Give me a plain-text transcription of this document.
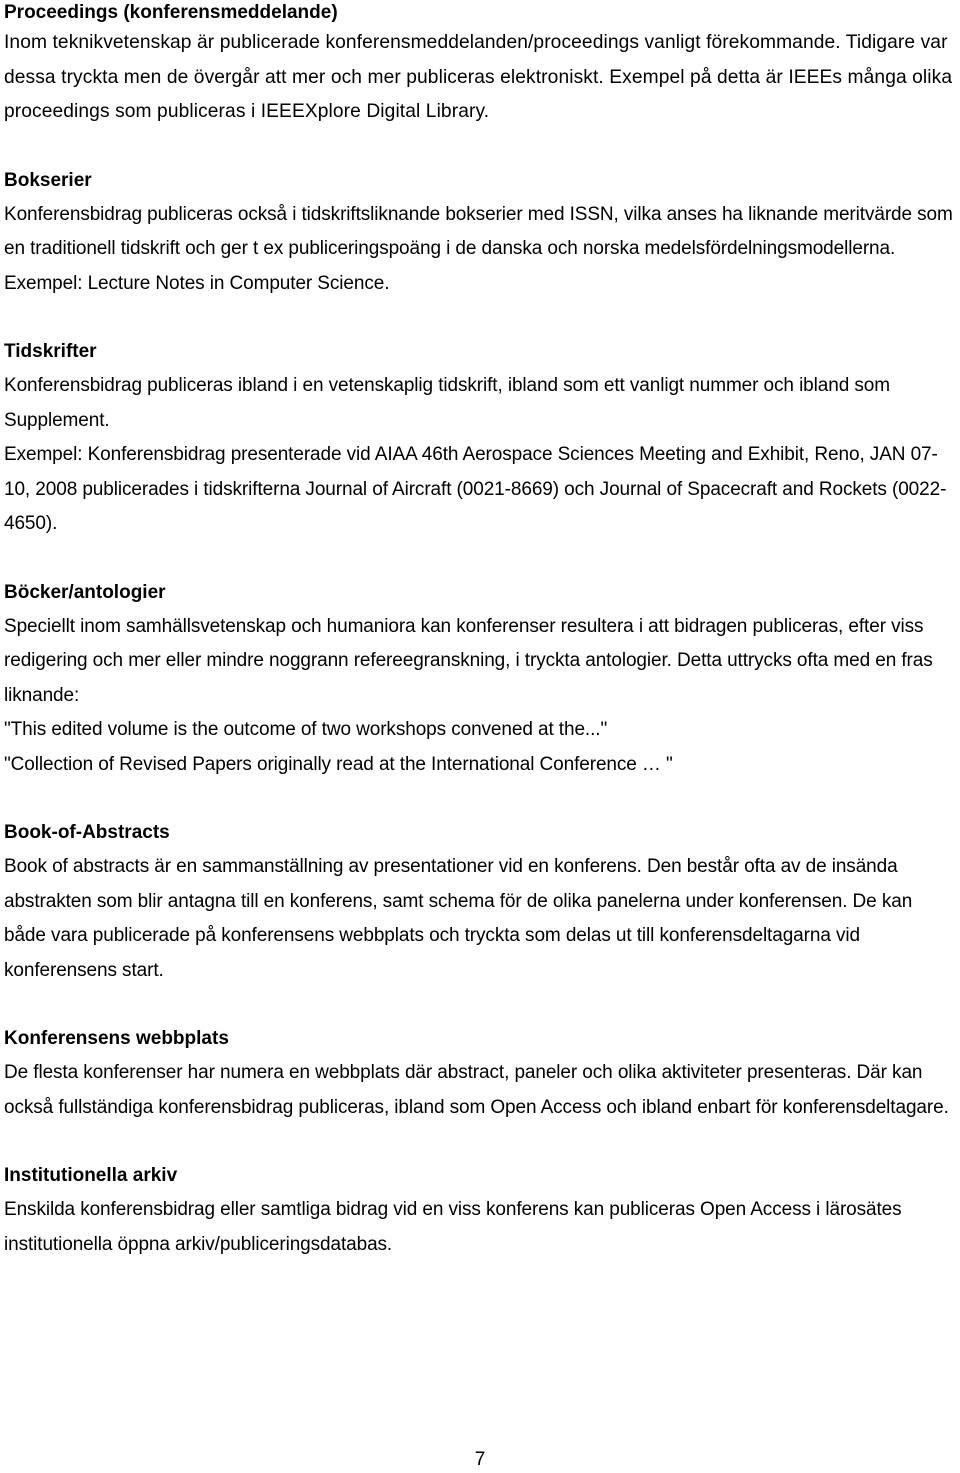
Proceedings (konferensmeddelande)

Inom teknikvetenskap är publicerade konferensmeddelanden/proceedings vanligt förekommande. Tidigare var dessa tryckta men de övergår att mer och mer publiceras elektroniskt. Exempel på detta är IEEEs många olika proceedings som publiceras i IEEEXplore Digital Library.

Bokserier

Konferensbidrag publiceras också i tidskriftsliknande bokserier med ISSN, vilka anses ha liknande meritvärde som en traditionell tidskrift och ger t ex publiceringspoäng i de danska och norska medelsfördelningsmodellerna.

Exempel: Lecture Notes in Computer Science.

Tidskrifter

Konferensbidrag publiceras ibland i en vetenskaplig tidskrift, ibland som ett vanligt nummer och ibland som Supplement.

Exempel: Konferensbidrag presenterade vid AIAA 46th Aerospace Sciences Meeting and Exhibit, Reno, JAN 07-10, 2008 publicerades i tidskrifterna Journal of Aircraft (0021-8669) och Journal of Spacecraft and Rockets (0022-4650).

Böcker/antologier

Speciellt inom samhällsvetenskap och humaniora kan konferenser resultera i att bidragen publiceras, efter viss redigering och mer eller mindre noggrann refereegranskning, i tryckta antologier. Detta uttrycks ofta med en fras liknande:

"This edited volume is the outcome of two workshops convened at the..."

"Collection of Revised Papers originally read at the International Conference … "

Book-of-Abstracts

Book of abstracts är en sammanställning av presentationer vid en konferens. Den består ofta av de insända abstrakten som blir antagna till en konferens, samt schema för de olika panelerna under konferensen. De kan både vara publicerade på konferensens webbplats och tryckta som delas ut till konferensdeltagarna vid konferensens start.

Konferensens webbplats

De flesta konferenser har numera en webbplats där abstract, paneler och olika aktiviteter presenteras. Där kan också fullständiga konferensbidrag publiceras, ibland som Open Access och ibland enbart för konferensdeltagare.

Institutionella arkiv

Enskilda konferensbidrag eller samtliga bidrag vid en viss konferens kan publiceras Open Access i lärosätes institutionella öppna arkiv/publiceringsdatabas.

7
